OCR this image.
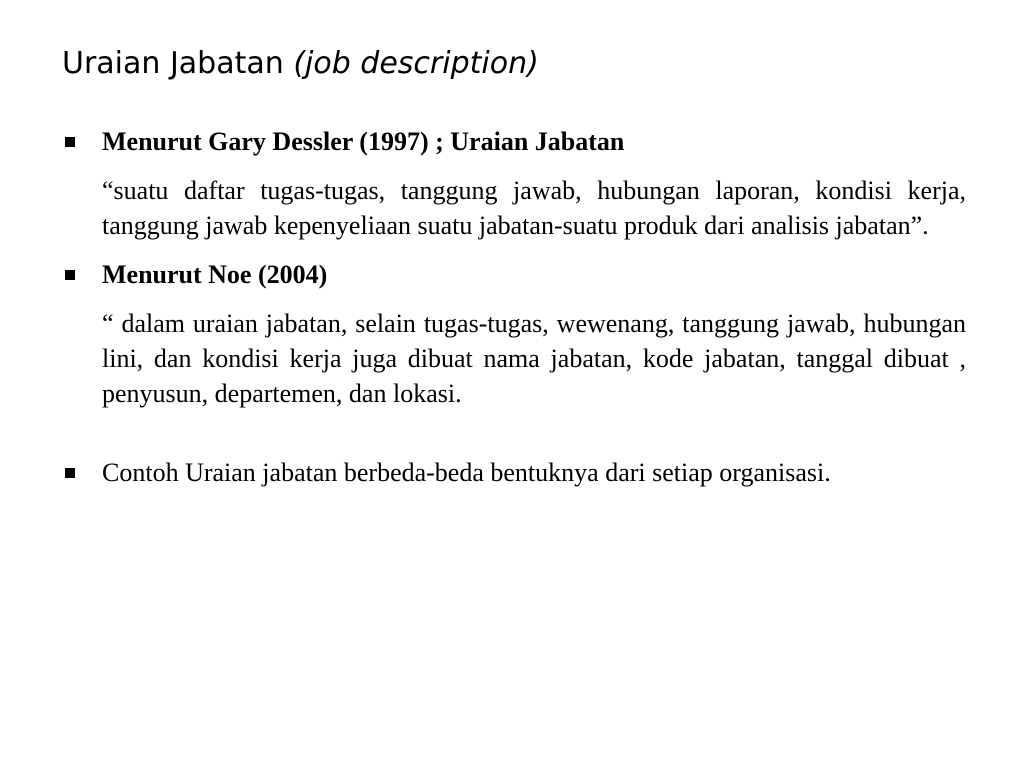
Uraian Jabatan (job description)
Menurut Gary Dessler (1997) ; Uraian Jabatan
“suatu daftar tugas-tugas, tanggung jawab, hubungan laporan, kondisi kerja, tanggung jawab kepenyeliaan suatu jabatan-suatu produk dari analisis jabatan”.
Menurut Noe (2004)
“ dalam uraian jabatan, selain tugas-tugas, wewenang, tanggung jawab, hubungan lini, dan kondisi kerja juga dibuat nama jabatan, kode jabatan, tanggal dibuat , penyusun, departemen, dan lokasi.
Contoh Uraian jabatan berbeda-beda bentuknya dari setiap organisasi.
